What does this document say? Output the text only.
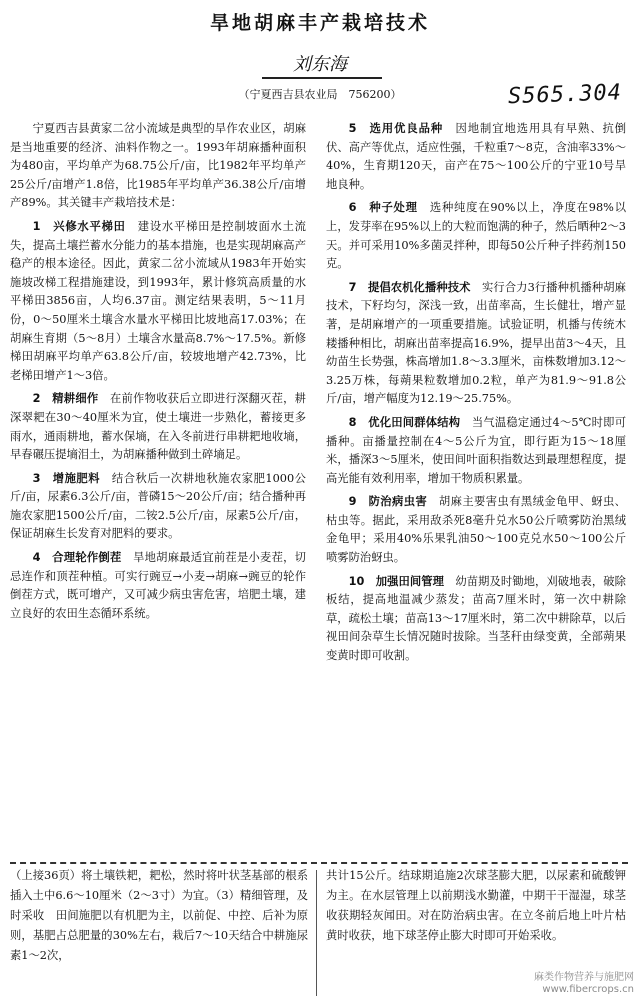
旱地胡麻丰产栽培技术
刘东海
（宁夏西吉县农业局　756200）	S565.304

宁夏西吉县黄家二岔小流域是典型的旱作农业区，胡麻是当地重要的经济、油料作物之一。1993年胡麻播种面积为480亩，平均单产为68.75公斤/亩，比1982年平均单产25公斤/亩增产1.8倍，比1985年平均单产36.38公斤/亩增产89%。其关键丰产栽培技术是：

1　兴修水平梯田　 建设水平梯田是控制坡面水土流失，提高土壤拦蓄水分能力的基本措施，也是实现胡麻高产稳产的根本途径。因此，黄家二岔小流域从1983年开始实施坡改梯工程措施建设，到1993年，累计修筑高质量的水平梯田3856亩，人均6.37亩。测定结果表明，5～11月份，0～50厘米土壤含水量水平梯田比坡地高17.03%；在胡麻生育期（5～8月）土壤含水量高8.7%～17.5%。新修梯田胡麻平均单产63.8公斤/亩，较坡地增产42.73%，比老梯田增产1～3倍。

2　精耕细作　 在前作物收获后立即进行深翻灭茬，耕深翠耙在30～40厘米为宜，使土壤进一步熟化，蓄接更多雨水，通雨耕地，蓄水保墒，在入冬前进行串耕耙地收墒，早春碾压提墒泪土，为胡麻播种做到土碎墒足。

3　增施肥料　 结合秋后一次耕地秋施农家肥1000公斤/亩，尿素6.3公斤/亩，普磷15～20公斤/亩；结合播种再施农家肥1500公斤/亩，二铵2.5公斤/亩，尿素5公斤/亩，保证胡麻生长发育对肥料的要求。

4　合理轮作倒茬　 旱地胡麻最适宜前茬是小麦茬，切忌连作和顶茬种植。可实行豌豆→小麦→胡麻→豌豆的轮作倒茬方式，既可增产，又可减少病虫害危害，培肥土壤，建立良好的农田生态循环系统。

5　选用优良品种　 因地制宜地选用具有早熟、抗倒伏、高产等优点，适应性强，千粒重7～8克，含油率33%～40%，生育期120天，亩产在75～100公斤的宁亚10号旱地良种。

6　种子处理　 选种纯度在90%以上，净度在98%以上，发芽率在95%以上的大粒而饱满的种子，然后晒种2～3天。并可采用10%多菌灵拌种，即每50公斤种子拌药剂150克。

7　提倡农机化播种技术　 实行合力3行播种机播种胡麻技术，下籽均匀，深浅一致，出苗率高，生长健壮，增产显著，是胡麻增产的一项重要措施。试验证明，机播与传统木耧播种相比，胡麻出苗率提高16.9%，提早出苗3～4天，且幼苗生长势强，株高增加1.8～3.3厘米，亩株数增加3.12～3.25万株，每蒴果粒数增加0.2粒，单产为81.9～91.8公斤/亩，增产幅度为12.19～25.75%。

8　优化田间群体结构　 当气温稳定通过4～5℃时即可播种。亩播量控制在4～5公斤为宜，即行距为15～18厘米，播深3～5厘米，使田间叶面积指数达到最理想程度，提高光能有效利用率，增加干物质积累量。

9　防治病虫害　 胡麻主要害虫有黑绒金龟甲、蚜虫、枯虫等。据此，采用敌杀死8毫升兑水50公斤喷雾防治黑绒金龟甲；采用40%乐果乳油50～100克兑水50～100公斤喷雾防治蚜虫。

10　加强田间管理　 幼苗期及时锄地，刈破地表，破除板结，提高地温减少蒸发；苗高7厘米时，第一次中耕除草，疏松土壤；苗高13～17厘米时，第二次中耕除草，以后视田间杂草生长情况随时拔除。当茎秆由绿变黄，全部蒴果变黄时即可收割。

（上接36页）将土壤铁耙，耙松，然时将叶状茎基部的根系插入土中6.6～10厘米（2～3寸）为宜。（3）精细管理，及时采收　田间施肥以有机肥为主，以前促、中控、后补为原则，基肥占总肥量的30%左右，栽后7～10天结合中耕施尿素1～2次，

共计15公斤。结球期追施2次球茎膨大肥，以尿素和硫酸钾为主。在水层管理上以前期浅水勤灌，中期干干湿湿，球茎收获期轻灰闻田。对在防治病虫害。在立冬前后地上叶片枯黄时收获，地下球茎停止膨大时即可开始采收。

麻类作物营养与施肥网
www.fibercrops.cn
